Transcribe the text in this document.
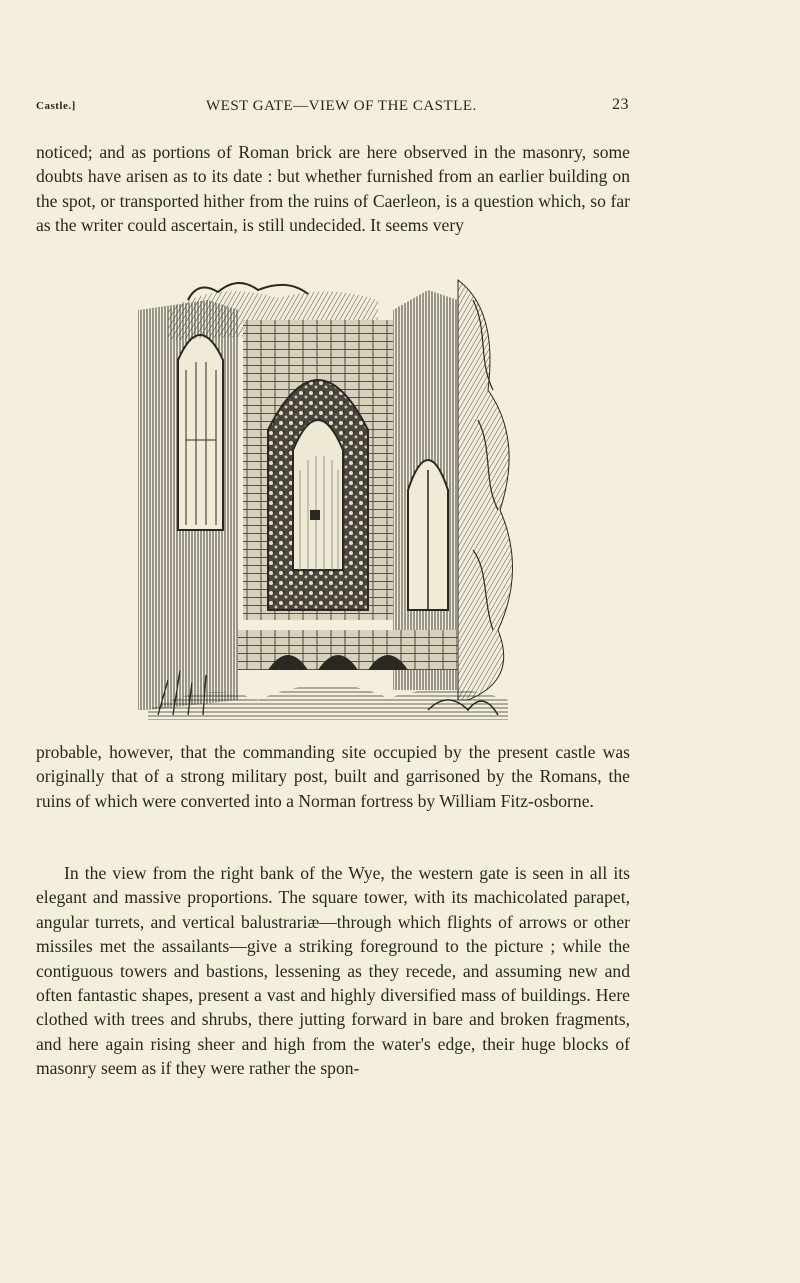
Castle.]	WEST GATE—VIEW OF THE CASTLE.	23
noticed; and as portions of Roman brick are here observed in the masonry, some doubts have arisen as to its date : but whether furnished from an earlier building on the spot, or transported hither from the ruins of Caerleon, is a question which, so far as the writer could ascertain, is still undecided. It seems very
probable, however, that the commanding site occupied by the present castle was originally that of a strong military post, built and garrisoned by the Romans, the ruins of which were converted into a Norman fortress by William Fitz-osborne.
In the view from the right bank of the Wye, the western gate is seen in all its elegant and massive proportions. The square tower, with its machicolated parapet, angular turrets, and vertical balustrariæ—through which flights of arrows or other missiles met the assailants—give a striking foreground to the picture ; while the contiguous towers and bastions, lessening as they recede, and assuming new and often fantastic shapes, present a vast and highly diversified mass of buildings. Here clothed with trees and shrubs, there jutting forward in bare and broken fragments, and here again rising sheer and high from the water's edge, their huge blocks of masonry seem as if they were rather the spon-
